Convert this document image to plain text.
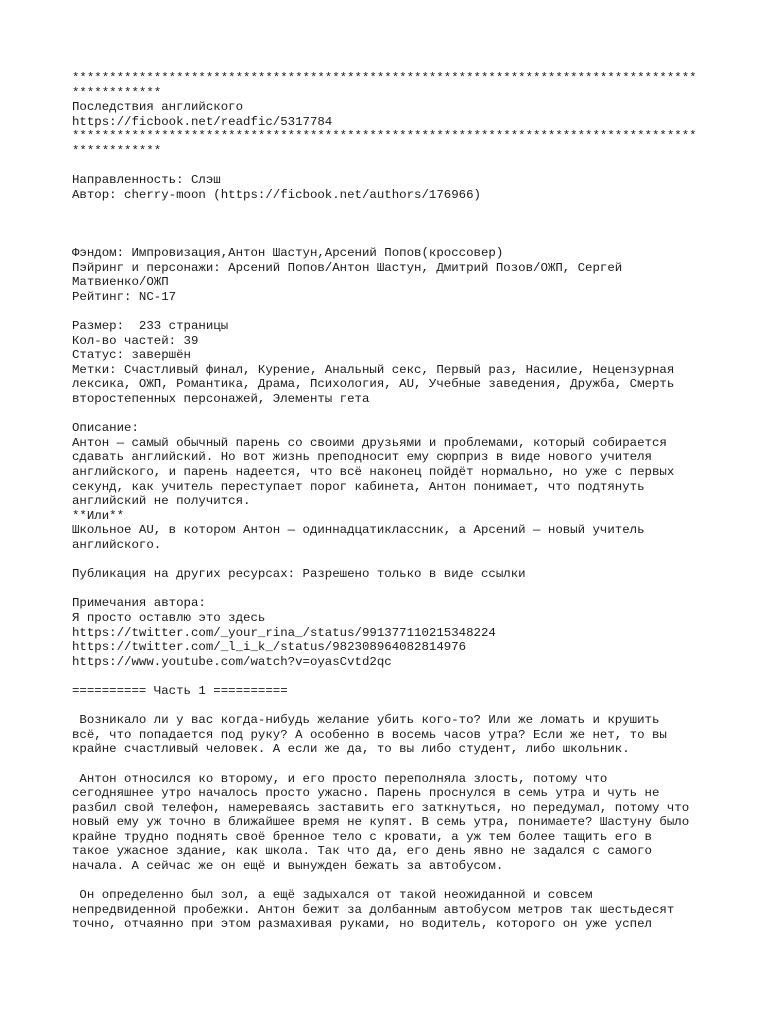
************************************************************************************
************
Последствия английского
https://ficbook.net/readfic/5317784
************************************************************************************
************
Направленность: Слэш
Автор: cherry-moon (https://ficbook.net/authors/176966)
Фэндом: Импровизация,Антон Шастун,Арсений Попов(кроссовер)
Пэйринг и персонажи: Арсений Попов/Антон Шастун, Дмитрий Позов/ОЖП, Сергей
Матвиенко/ОЖП
Рейтинг: NC-17
Размер:  233 страницы
Кол-во частей: 39
Статус: завершён
Метки: Счастливый финал, Курение, Анальный секс, Первый раз, Насилие, Нецензурная
лексика, ОЖП, Романтика, Драма, Психология, AU, Учебные заведения, Дружба, Смерть
второстепенных персонажей, Элементы гета
Описание:
Антон — самый обычный парень со своими друзьями и проблемами, который собирается
сдавать английский. Но вот жизнь преподносит ему сюрприз в виде нового учителя
английского, и парень надеется, что всё наконец пойдёт нормально, но уже с первых
секунд, как учитель переступает порог кабинета, Антон понимает, что подтянуть
английский не получится.
**Или**
Школьное AU, в котором Антон — одиннадцатиклассник, а Арсений — новый учитель
английского.
Публикация на других ресурсах: Разрешено только в виде ссылки
Примечания автора:
Я просто оставлю это здесь
https://twitter.com/_your_rina_/status/991377110215348224
https://twitter.com/_l_i_k_/status/982308964082814976
https://www.youtube.com/watch?v=oyasCvtd2qc
========== Часть 1 ==========
Возникало ли у вас когда-нибудь желание убить кого-то? Или же ломать и крушить
всё, что попадается под руку? А особенно в восемь часов утра? Если же нет, то вы
крайне счастливый человек. А если же да, то вы либо студент, либо школьник.
Антон относился ко второму, и его просто переполняла злость, потому что
сегодняшнее утро началось просто ужасно. Парень проснулся в семь утра и чуть не
разбил свой телефон, намереваясь заставить его заткнуться, но передумал, потому что
новый ему уж точно в ближайшее время не купят. В семь утра, понимаете? Шастуну было
крайне трудно поднять своё бренное тело с кровати, а уж тем более тащить его в
такое ужасное здание, как школа. Так что да, его день явно не задался с самого
начала. А сейчас же он ещё и вынужден бежать за автобусом.
Он определенно был зол, а ещё задыхался от такой неожиданной и совсем
непредвиденной пробежки. Антон бежит за долбанным автобусом метров так шестьдесят
точно, отчаянно при этом размахивая руками, но водитель, которого он уже успел
